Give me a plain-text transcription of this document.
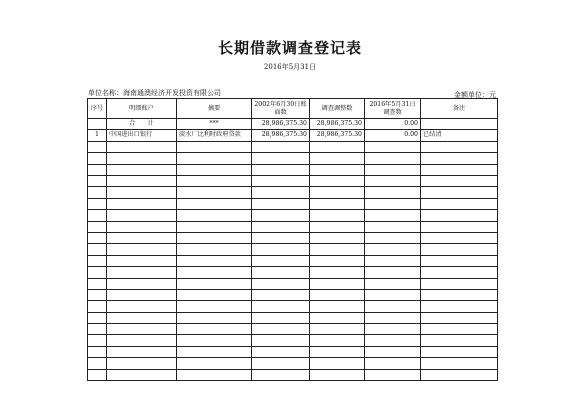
长期借款调查登记表
2016年5月31日
单位名称：海南通澳经济开发投资有限公司	金额单位：元
序号	明细账户	摘要	2002年6月30日账面数	调查调整数	2016年5月31日调查数	备注
	合　　计	***	28,986,375.30	28,986,375.30	0.00	
1	中国进出口银行	淡水厂比利时政府贷款	28,986,375.30	28,986,375.30	0.00	已结清
